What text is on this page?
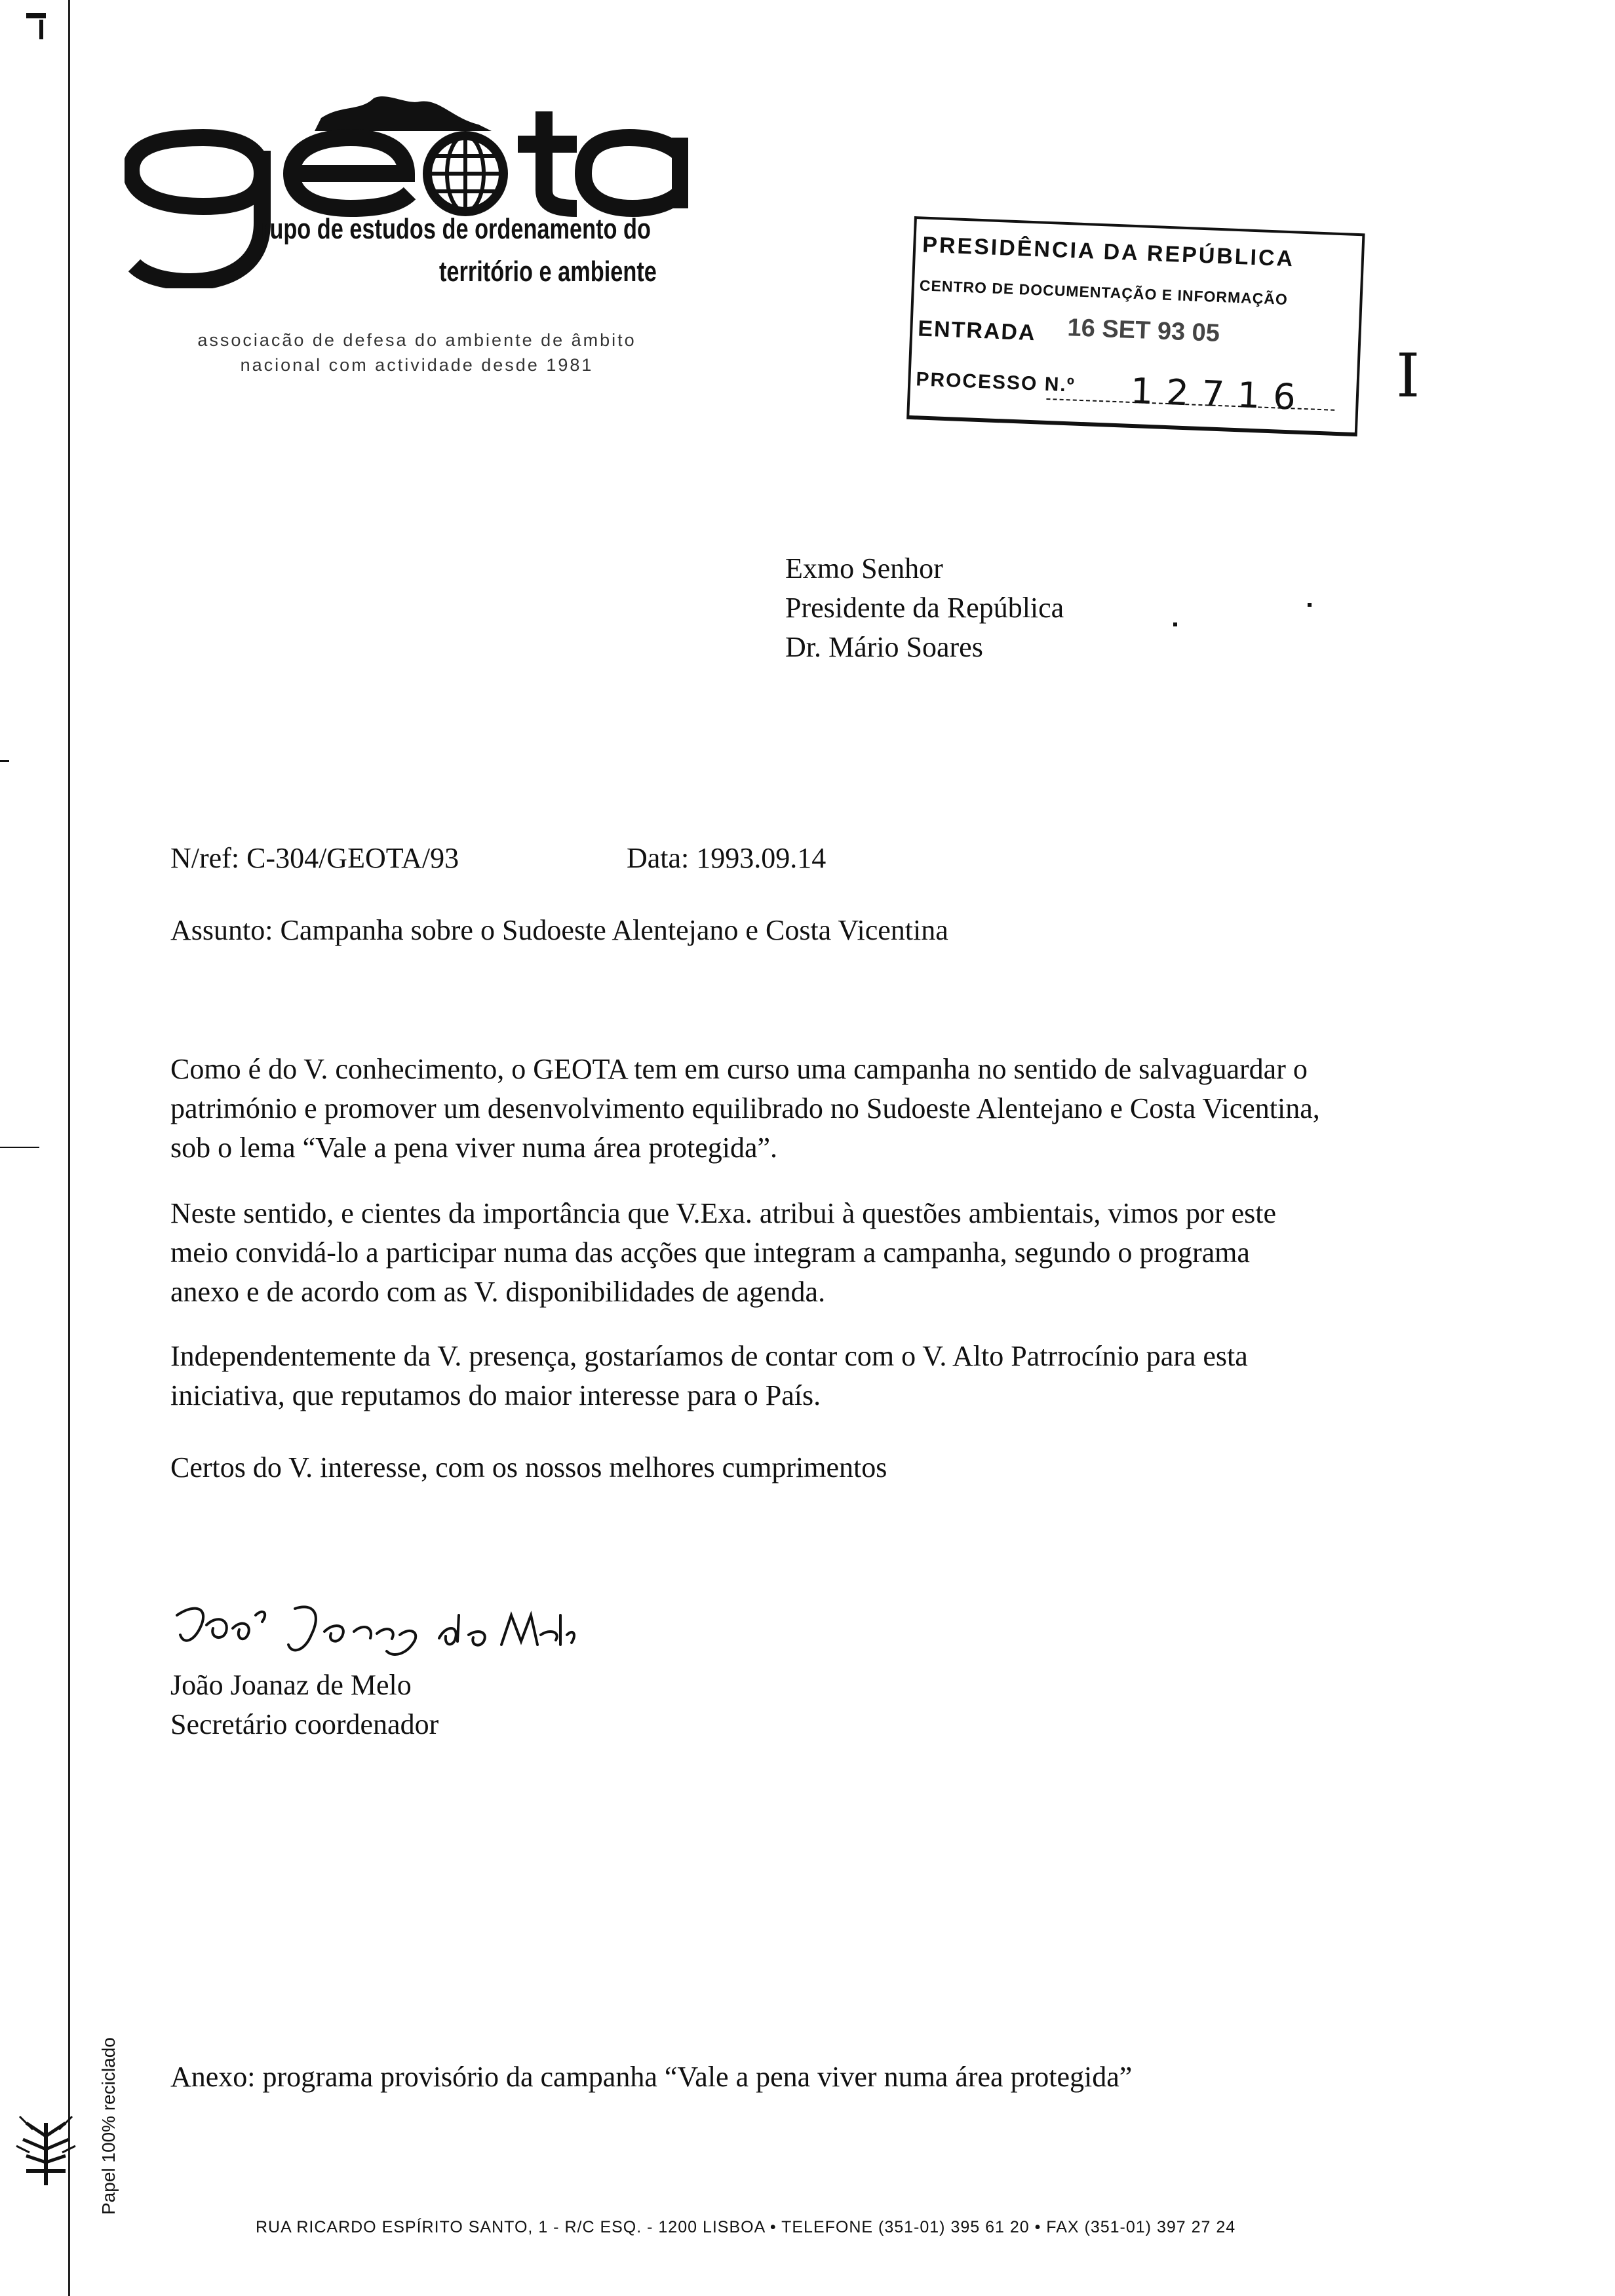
rupo de estudos de ordenamento do
território e ambiente
associacão de defesa do ambiente de âmbito
nacional com actividade desde 1981
PRESIDÊNCIA DA REPÚBLICA
CENTRO DE DOCUMENTAÇÃO E INFORMAÇÃO
ENTRADA 16 SET 93 05
PROCESSO N.º 12716 I
Exmo Senhor
Presidente da República
Dr. Mário Soares
N/ref: C-304/GEOTA/93	Data: 1993.09.14
Assunto: Campanha sobre o Sudoeste Alentejano e Costa Vicentina
Como é do V. conhecimento, o GEOTA tem em curso uma campanha no sentido de salvaguardar o
património e promover um desenvolvimento equilibrado no Sudoeste Alentejano e Costa Vicentina,
sob o lema “Vale a pena viver numa área protegida”.
Neste sentido, e cientes da importância que V.Exa. atribui à questões ambientais, vimos por este
meio convidá-lo a participar numa das acções que integram a campanha, segundo o programa
anexo e de acordo com as V. disponibilidades de agenda.
Independentemente da V. presença, gostaríamos de contar com o V. Alto Patrrocínio para esta
iniciativa, que reputamos do maior interesse para o País.
Certos do V. interesse, com os nossos melhores cumprimentos
João Joanaz de Melo
Secretário coordenador
Anexo: programa provisório da campanha “Vale a pena viver numa área protegida”
Papel 100% reciclado
RUA RICARDO ESPÍRITO SANTO, 1 - R/C ESQ. - 1200 LISBOA • TELEFONE (351-01) 395 61 20 • FAX (351-01) 397 27 24
